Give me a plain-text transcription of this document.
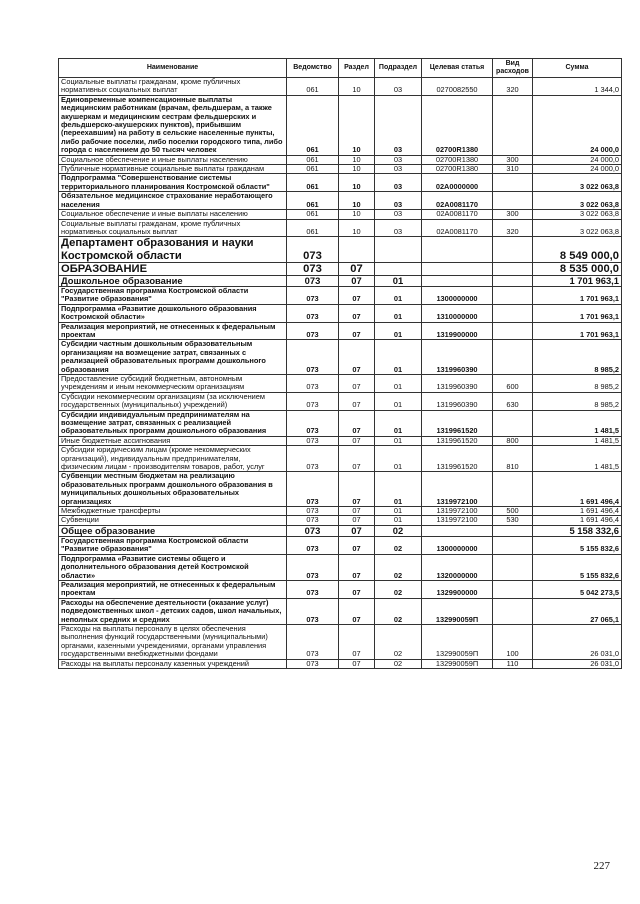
Наименование	Ведомство	Раздел	Подраздел	Целевая статья	Вид расходов	Сумма
Социальные выплаты гражданам, кроме публичных нормативных социальных выплат	061	10	03	0270082550	320	1 344,0
Единовременные компенсационные выплаты медицинским работникам (врачам, фельдшерам, а также акушеркам и медицинским сестрам фельдшерских и фельдшерско-акушерских пунктов), прибывшим (переехавшим) на работу в сельские населенные пункты, либо рабочие поселки, либо поселки городского типа, либо города с населением до 50 тысяч человек	061	10	03	02700R1380		24 000,0
Социальное обеспечение и иные выплаты населению	061	10	03	02700R1380	300	24 000,0
Публичные нормативные социальные выплаты гражданам	061	10	03	02700R1380	310	24 000,0
Подпрограмма "Совершенствование системы территориального планирования Костромской области"	061	10	03	02A0000000		3 022 063,8
Обязательное медицинское страхование неработающего населения	061	10	03	02A0081170		3 022 063,8
Социальное обеспечение и иные выплаты населению	061	10	03	02A0081170	300	3 022 063,8
Социальные выплаты гражданам, кроме публичных нормативных социальных выплат	061	10	03	02A0081170	320	3 022 063,8
Департамент образования и науки Костромской области	073					8 549 000,0
ОБРАЗОВАНИЕ	073	07				8 535 000,0
Дошкольное образование	073	07	01			1 701 963,1
Государственная программа Костромской области "Развитие образования"	073	07	01	1300000000		1 701 963,1
Подпрограмма «Развитие дошкольного образования Костромской области»	073	07	01	1310000000		1 701 963,1
Реализация мероприятий, не отнесенных к федеральным проектам	073	07	01	1319900000		1 701 963,1
Субсидии частным дошкольным образовательным организациям на возмещение затрат, связанных с реализацией образовательных программ дошкольного образования	073	07	01	1319960390		8 985,2
Предоставление субсидий бюджетным, автономным учреждениям и иным некоммерческим организациям	073	07	01	1319960390	600	8 985,2
Субсидии некоммерческим организациям (за исключением государственных (муниципальных) учреждений)	073	07	01	1319960390	630	8 985,2
Субсидии индивидуальным предпринимателям на возмещение затрат, связанных с реализацией образовательных программ дошкольного образования	073	07	01	1319961520		1 481,5
Иные бюджетные ассигнования	073	07	01	1319961520	800	1 481,5
Субсидии юридическим лицам (кроме некоммерческих организаций), индивидуальным предпринимателям, физическим лицам - производителям товаров, работ, услуг	073	07	01	1319961520	810	1 481,5
Субвенции местным бюджетам на реализацию образовательных программ дошкольного образования в муниципальных дошкольных образовательных организациях	073	07	01	1319972100		1 691 496,4
Межбюджетные трансферты	073	07	01	1319972100	500	1 691 496,4
Субвенции	073	07	01	1319972100	530	1 691 496,4
Общее образование	073	07	02			5 158 332,6
Государственная программа Костромской области "Развитие образования"	073	07	02	1300000000		5 155 832,6
Подпрограмма «Развитие системы общего и дополнительного образования детей Костромской области»	073	07	02	1320000000		5 155 832,6
Реализация мероприятий, не отнесенных к федеральным проектам	073	07	02	1329900000		5 042 273,5
Расходы на обеспечение деятельности (оказание услуг) подведомственных школ - детских садов, школ начальных, неполных средних и средних	073	07	02	132990059П		27 065,1
Расходы на выплаты персоналу в целях обеспечения выполнения функций государственными (муниципальными) органами, казенными учреждениями, органами управления государственными внебюджетными фондами	073	07	02	132990059П	100	26 031,0
Расходы на выплаты персоналу казенных учреждений	073	07	02	132990059П	110	26 031,0
227
